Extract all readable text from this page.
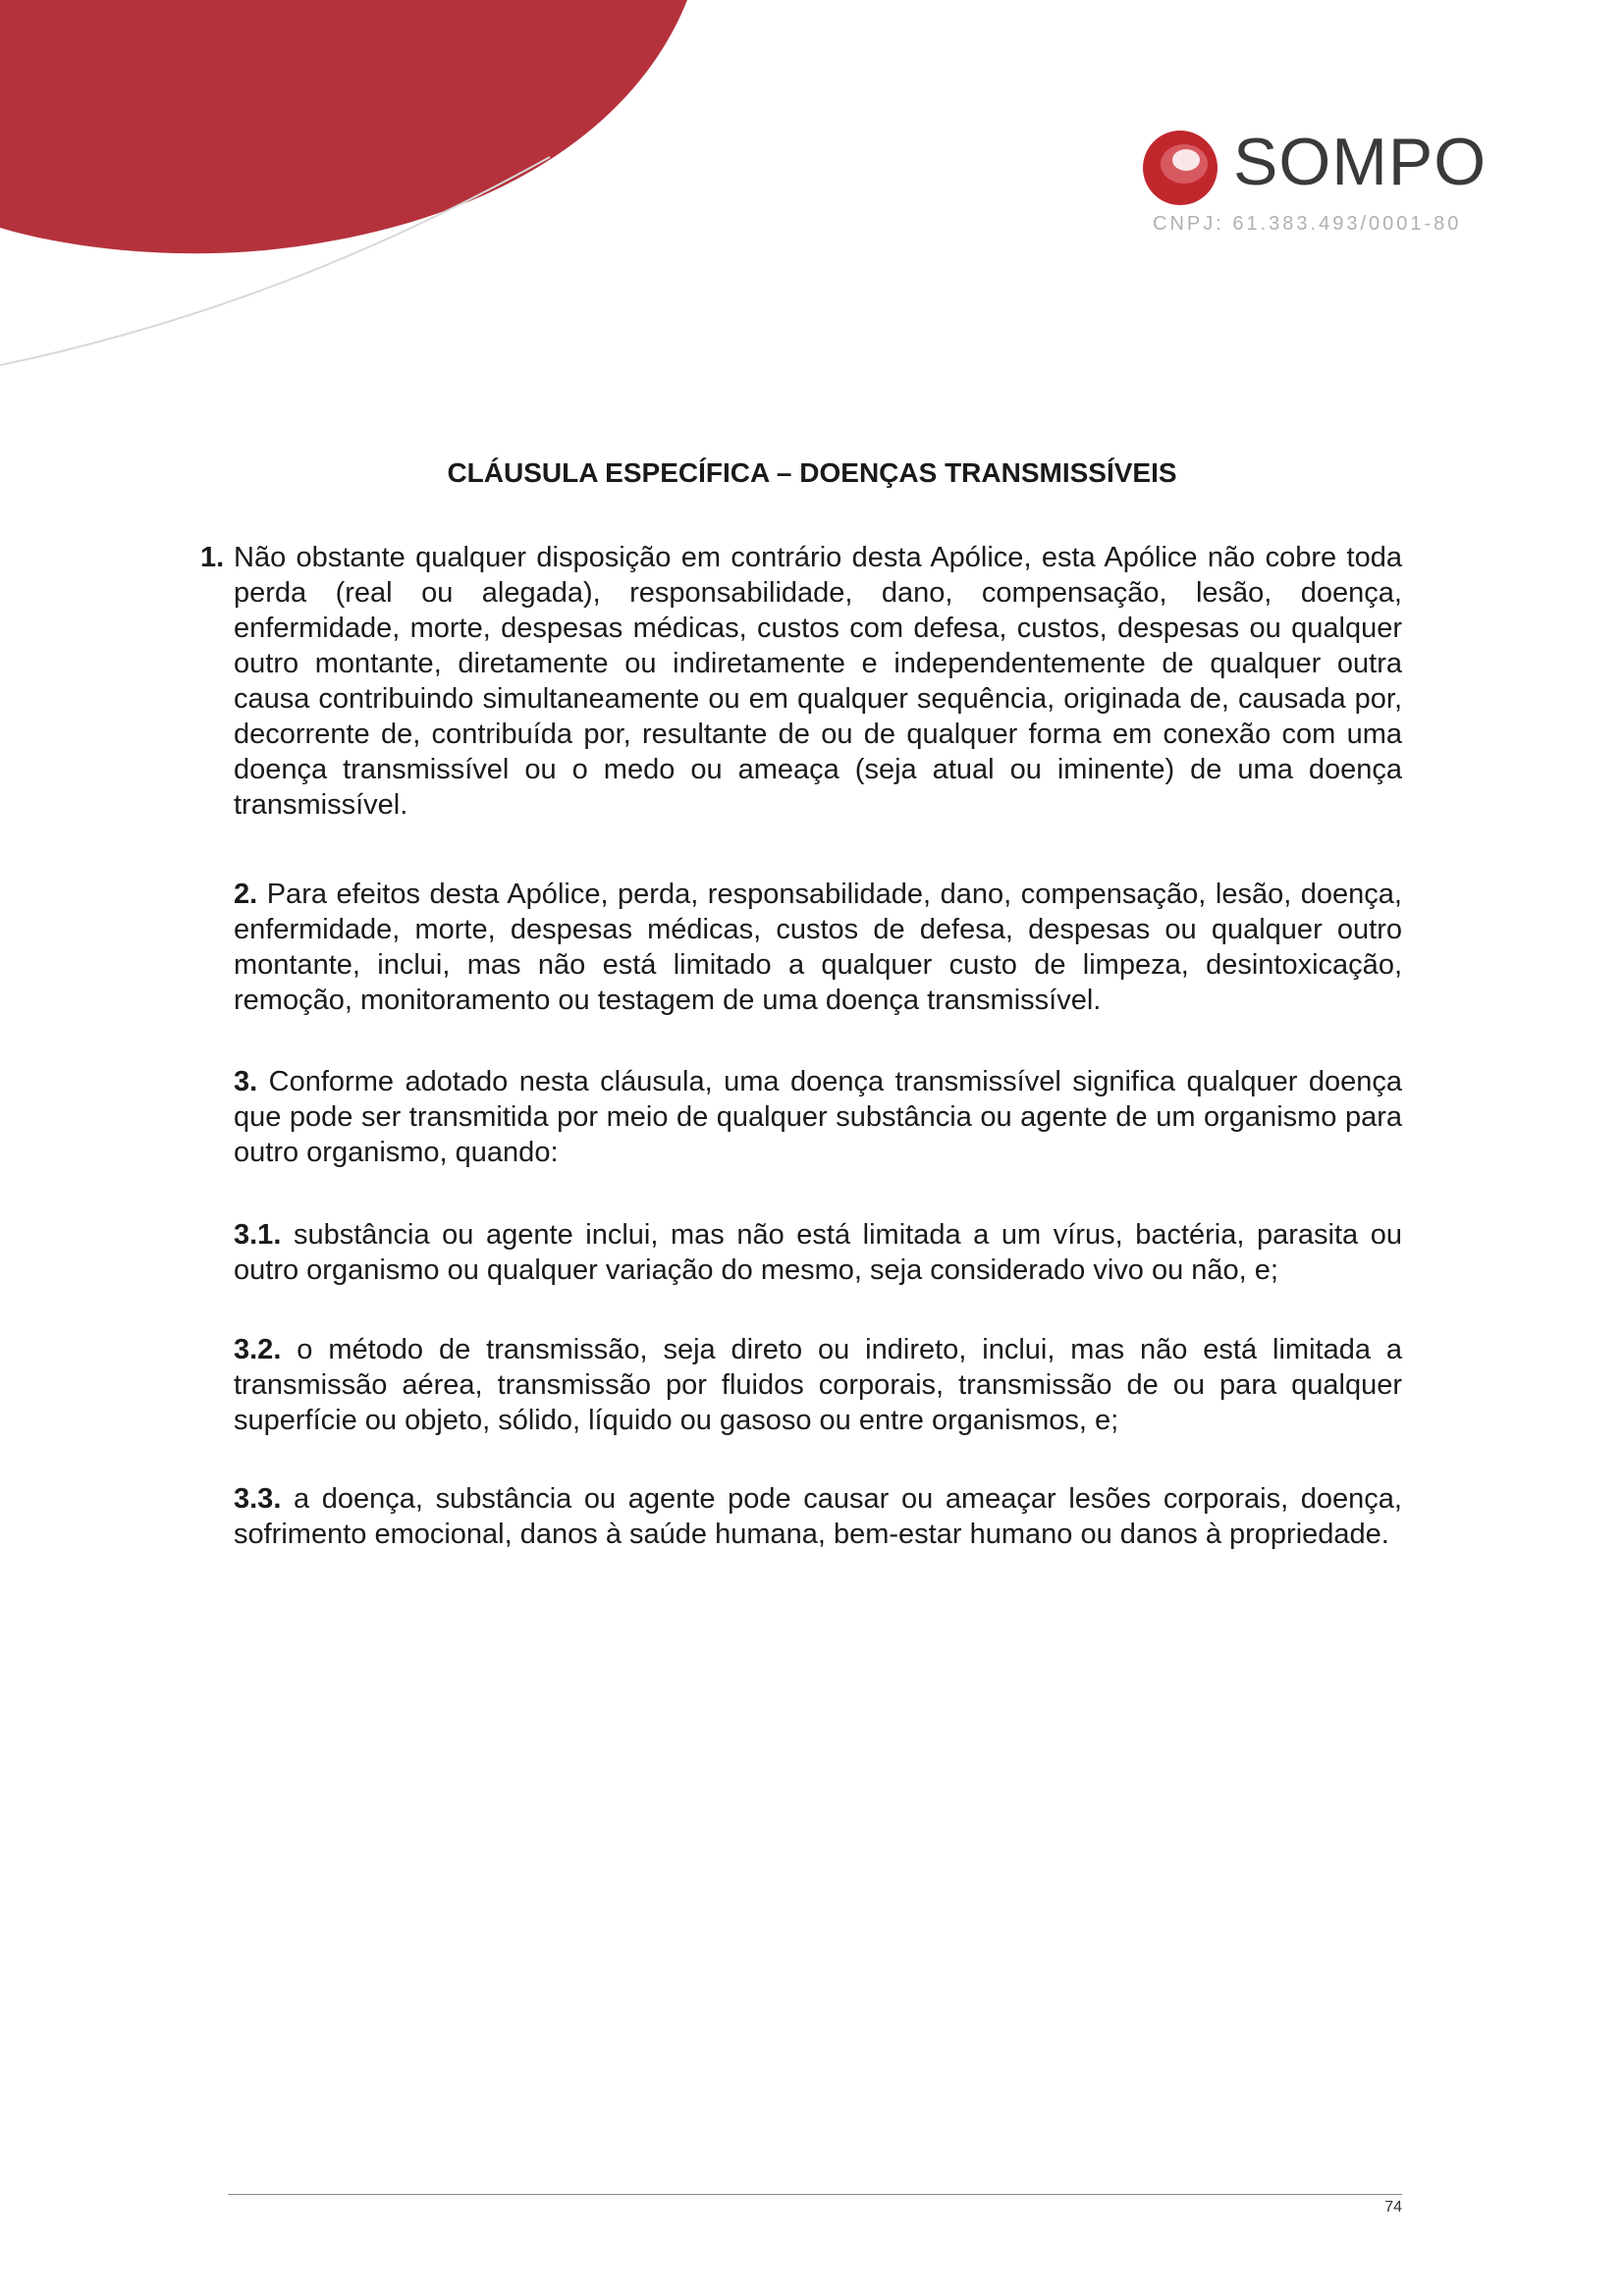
SOMPO
CNPJ: 61.383.493/0001-80
CLÁUSULA ESPECÍFICA – DOENÇAS TRANSMISSÍVEIS
1. Não obstante qualquer disposição em contrário desta Apólice, esta Apólice não cobre toda perda (real ou alegada), responsabilidade, dano, compensação, lesão, doença, enfermidade, morte, despesas médicas, custos com defesa, custos, despesas ou qualquer outro montante, diretamente ou indiretamente e independentemente de qualquer outra causa contribuindo simultaneamente ou em qualquer sequência, originada de, causada por, decorrente de, contribuída por, resultante de ou de qualquer forma em conexão com uma doença transmissível ou o medo ou ameaça (seja atual ou iminente) de uma doença transmissível.
2. Para efeitos desta Apólice, perda, responsabilidade, dano, compensação, lesão, doença, enfermidade, morte, despesas médicas, custos de defesa, despesas ou qualquer outro montante, inclui, mas não está limitado a qualquer custo de limpeza, desintoxicação, remoção, monitoramento ou testagem de uma doença transmissível.
3. Conforme adotado nesta cláusula, uma doença transmissível significa qualquer doença que pode ser transmitida por meio de qualquer substância ou agente de um organismo para outro organismo, quando:
3.1. substância ou agente inclui, mas não está limitada a um vírus, bactéria, parasita ou outro organismo ou qualquer variação do mesmo, seja considerado vivo ou não, e;
3.2. o método de transmissão, seja direto ou indireto, inclui, mas não está limitada a transmissão aérea, transmissão por fluidos corporais, transmissão de ou para qualquer superfície ou objeto, sólido, líquido ou gasoso ou entre organismos, e;
3.3. a doença, substância ou agente pode causar ou ameaçar lesões corporais, doença, sofrimento emocional, danos à saúde humana, bem-estar humano ou danos à propriedade.
74
